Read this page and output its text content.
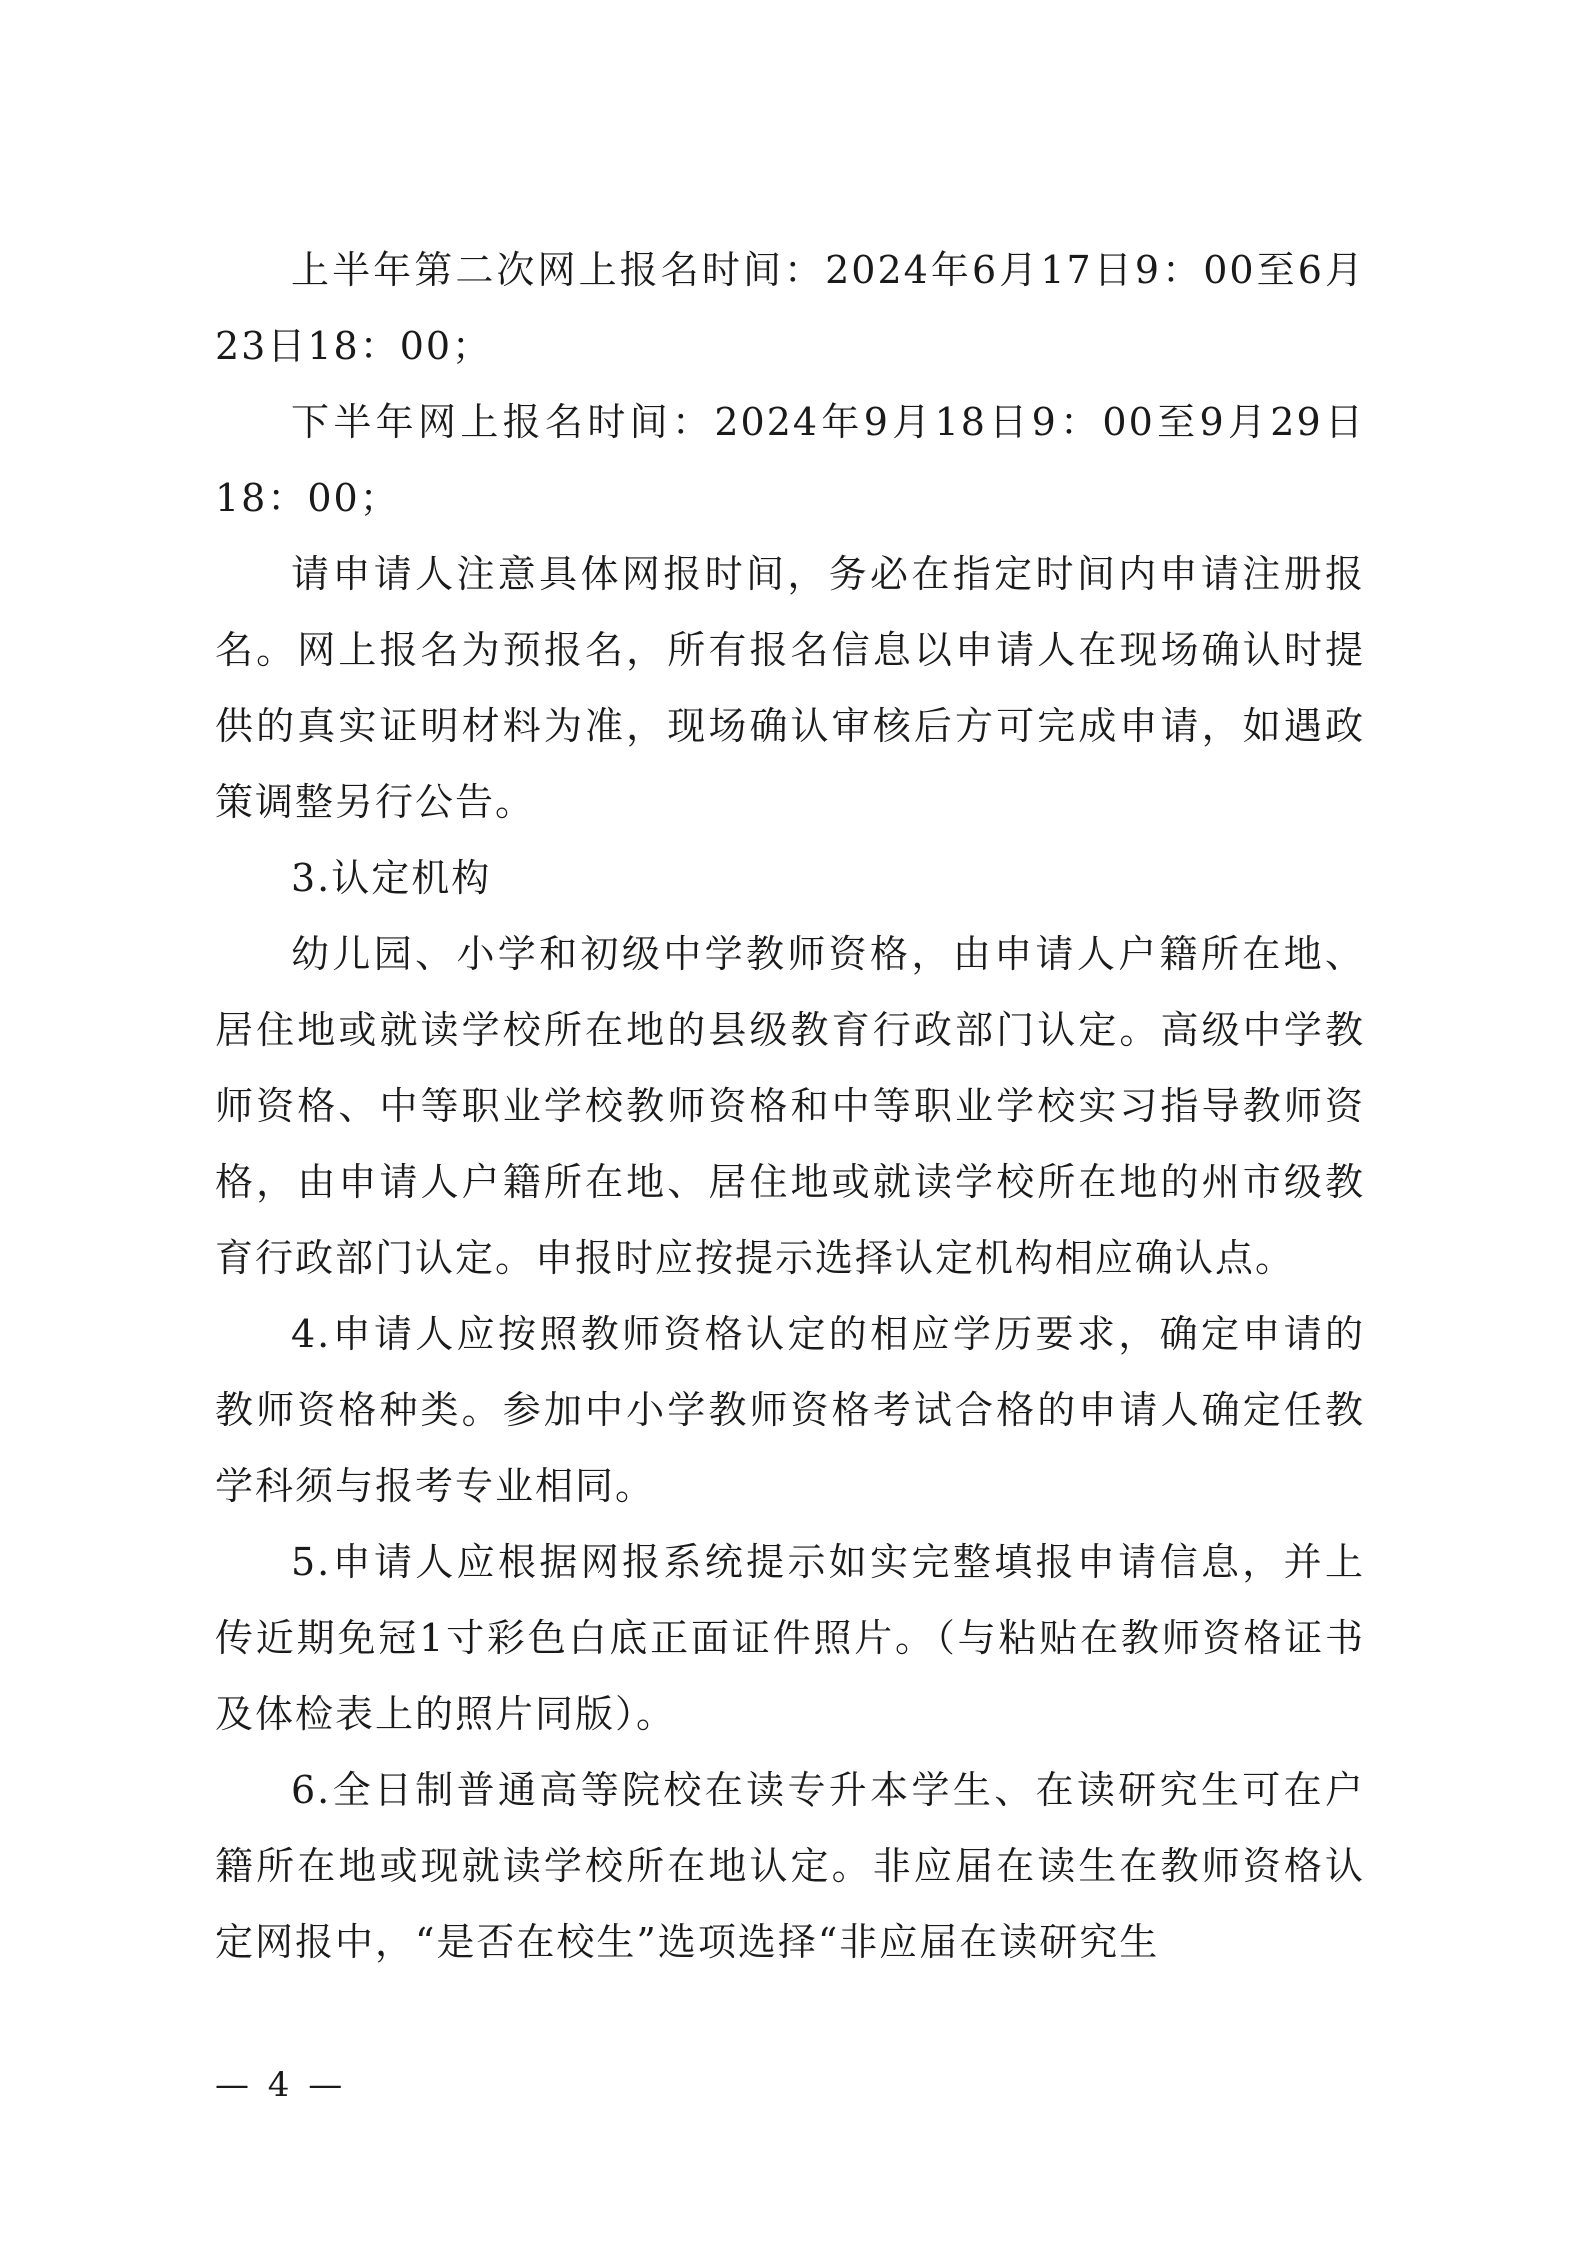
上半年第二次网上报名时间：2024年6月17日9：00至6月23日18：00；

下半年网上报名时间：2024年9月18日9：00至9月29日18：00；

请申请人注意具体网报时间，务必在指定时间内申请注册报名。网上报名为预报名，所有报名信息以申请人在现场确认时提供的真实证明材料为准，现场确认审核后方可完成申请，如遇政策调整另行公告。

3.认定机构

幼儿园、小学和初级中学教师资格，由申请人户籍所在地、居住地或就读学校所在地的县级教育行政部门认定。高级中学教师资格、中等职业学校教师资格和中等职业学校实习指导教师资格，由申请人户籍所在地、居住地或就读学校所在地的州市级教育行政部门认定。申报时应按提示选择认定机构相应确认点。

4.申请人应按照教师资格认定的相应学历要求，确定申请的教师资格种类。参加中小学教师资格考试合格的申请人确定任教学科须与报考专业相同。

5.申请人应根据网报系统提示如实完整填报申请信息，并上传近期免冠1寸彩色白底正面证件照片。（与粘贴在教师资格证书及体检表上的照片同版）。

6.全日制普通高等院校在读专升本学生、在读研究生可在户籍所在地或现就读学校所在地认定。非应届在读生在教师资格认定网报中，“是否在校生”选项选择“非应届在读研究生

— 4 —
